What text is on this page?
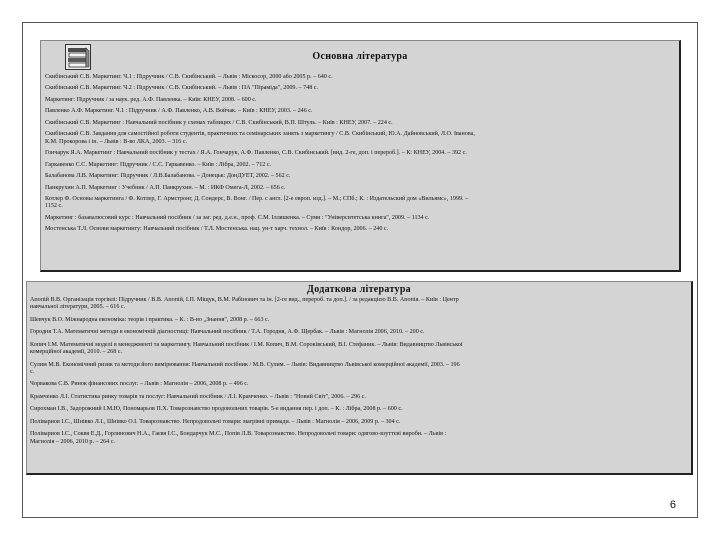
Основна література
Скибінський С.В. Маркетинг. Ч.1 : Підручник / С.В. Скибінський. – Львів : Міскосор, 2000 або 2005 р. – 640 с.
Скибінський С.В. Маркетинг. Ч.2 : Підручник / С.В. Скибінський. – Львів : ПА "Піраміда", 2009. – 748 с.
Маркетинг: Підручник / за наук. ред. А.Ф. Павленка. – Київ: КНЕУ, 2008. – 600 с.
Павленко А.Ф. Маркетинг. Ч.1 : Підручник / А.Ф. Павленко, А.В. Войчак. – Київ : КНЕУ, 2003. – 246 с.
Скибінський С.В. Маркетинг : Навчальний посібник у схемах таблицях / С.В. Скибінський, В.П. Штуль. – Київ : КНЕУ, 2007. – 224 с.
Скибінський С.В. Завдання для самостійної роботи студентів, практичних та семінарських занять з маркетингу / С.В. Скибінський, Ю.А. Дайновський, Л.О. Іванова,
К.М. Прокорова і ін. – Львів : В-во ЛКА, 2003. – 316 с.
Гончарук Я.А. Маркетинг : Навчальний посібник у тестах / Я.А. Гончарук, А.Ф. Павленко, С.В. Скибінський. [вид. 2-ге, доп. і перероб.]. – К: КНЕУ, 2004. – 392 с.
Гаркавенко С.С. Маркетинг: Підручник / С.С. Гаркавенко. – Київ : Лібра, 2002. – 712 с.
Балабанова Л.В. Маркетинг: Підручник / Л.В.Балабанова. – Донецьк: ДонДУЕТ, 2002. – 562 с.
Панкрухин А.П. Маркетинг : Учебник / А.П. Панкрухин. – М. : ИКФ Омега-Л, 2002. – 656 с.
Котлер Ф. Основы маркетинга / Ф. Котлер, Г. Армстронг, Д. Сондерс, В. Вонг. / Пер. с англ. [2-е европ. изд.]. – М.; СПб.; К. : Издательский дом «Вильямс», 1999. –
1152 с.
Маркетинг : базавалюсовий курс : Навчальний посібник / за заг. ред. д.е.н., проф. С.М. Ілляшенка. – Суми : "Університетська книга", 2009. – 1134 с.
Мостенська Т.Л. Основи маркетингу: Навчальний посібник / Т.Л. Мостенська. нац. ун-т харч. технол. – Київ : Кондор, 2006. – 240 с.
Додаткова література
Апопій В.В. Організація торгівлі: Підручник / В.В. Апопій, І.П. Міщук, В.М. Рабінович та ін. [2-ге вид., перероб. та доп.]. / за редакцією В.В. Апопія. – Київ : Центр
навчальної літератури, 2005. – 616 с.
Шевчук В.О. Міжнародна економіка: теорія і практика. – К. : В-во „Знання", 2008 р. – 663 с.
Городня Т.А. Математичні методи в економічній діагностиці: Навчальний посібник / Т.А. Городня, А.Ф. Щербак. – Львів : Магнолія 2006, 2010. – 200 с.
Копич І.М. Математичні моделі в менеджменті та маркетингу. Навчальний посібник / І.М. Копич, В.М. Сороківський, В.І. Стефаник. – Львів: Видавництво Львівської
комерційної академії, 2010. – 268 с.
Сулим М.В. Економічний ризик та методи його вимірювання: Навчальний посібник / М.В. Сулим. – Львів: Видавництво Львівської комерційної академії, 2003. – 196
с.
Чорвакова С.В. Ринок фінансових послуг. – Львів : Магнолія – 2006, 2008 р. – 496 с.
Крамченко Л.І. Статистика ринку товарів та послуг: Навчальний посібник / Л.І. Крамченко. – Львів : "Новий Світ", 2006. – 296 с.
Сирохман І.В., Задорожний І.М.Ю, Пономарьов П.Х. Товарознавство продовольчих товарів. 5-е видання пер. і доп. – К. : Лібра, 2008 р. – 600 с.
Полівариов І.С., Шнівко Л.І., Шнівко О.І. Товарознавство. Непродовольчі товари: магрівні примади. – Львів : Магнолія – 2006, 2009 р. – 304 с.
Полівариов І.С., Соквя Е.Д., Горлинович Н.А., Гаєвя І.С., Бондарчук М.С., Попів Л.В. Товарознавство. Непродовольчі товари: одягово-взуттєві вироби. – Львів :
Магнолія – 2006, 2010 р. – 264 с.
6
